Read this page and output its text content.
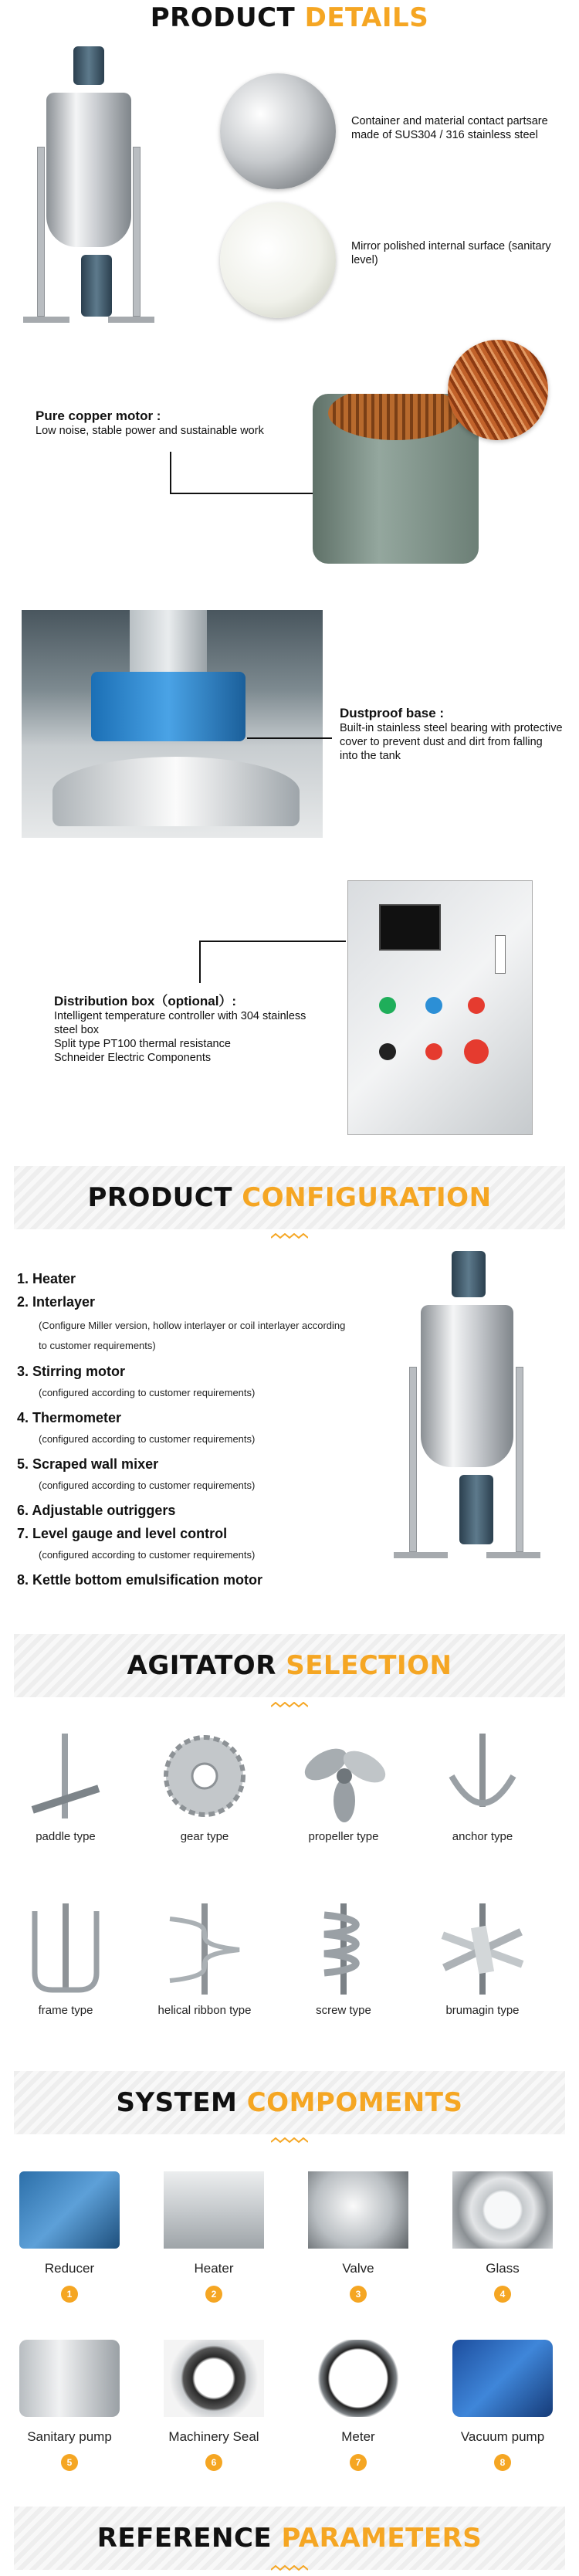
PRODUCT DETAILS
Container and material contact partsare made of SUS304 / 316 stainless steel
Mirror polished internal surface (sanitary level)
Pure copper motor :
Low noise, stable power and sustainable work
Dustproof base :
Built-in stainless steel bearing with protective cover to prevent dust and dirt from falling into the tank
Distribution box（optional）:
Intelligent temperature controller with 304 stainless steel box
Split type PT100 thermal resistance
Schneider Electric Components
PRODUCT CONFIGURATION
1. Heater
2. Interlayer
(Configure Miller version, hollow interlayer or coil interlayer according to customer requirements)
3. Stirring motor
(configured according to customer requirements)
4. Thermometer
(configured according to customer requirements)
5. Scraped wall mixer
(configured according to customer requirements)
6. Adjustable outriggers
7. Level gauge and level control
(configured according to customer requirements)
8. Kettle bottom emulsification motor
AGITATOR SELECTION
paddle type	gear type	propeller type	anchor type
frame type	helical ribbon type	screw type	brumagin type
SYSTEM COMPOMENTS
Reducer
1
Heater
2
Valve
3
Glass
4
Sanitary pump
5
Machinery Seal
6
Meter
7
Vacuum pump
8
REFERENCE PARAMETERS
